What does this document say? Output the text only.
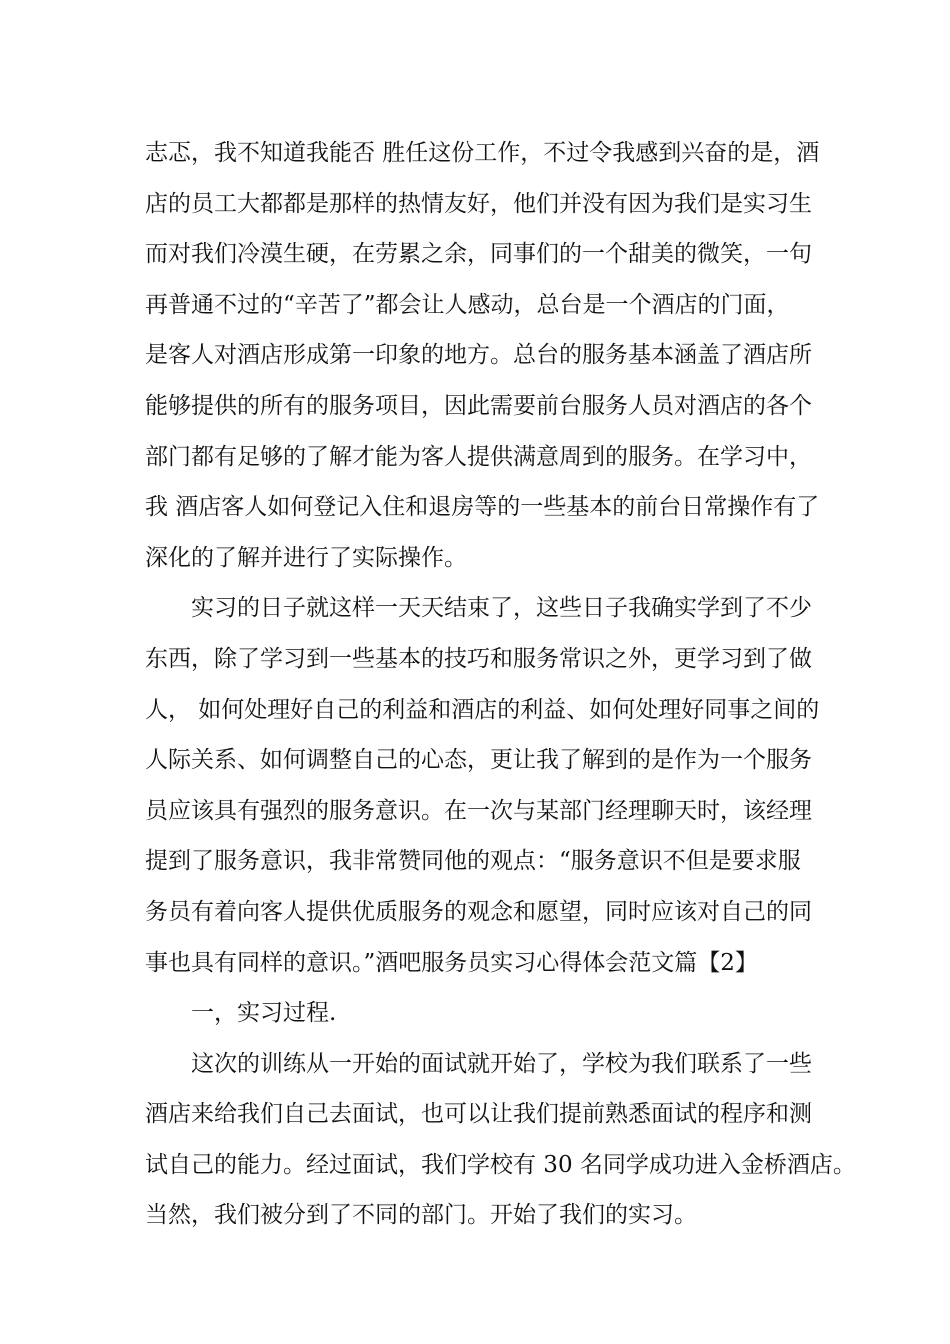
志忑，我不知道我能否 胜任这份工作，不过令我感到兴奋的是，酒
店的员工大都都是那样的热情友好，他们并没有因为我们是实习生
而对我们冷漠生硬，在劳累之余，同事们的一个甜美的微笑，一句
再普通不过的“辛苦了”都会让人感动，总台是一个酒店的门面，
是客人对酒店形成第一印象的地方。总台的服务基本涵盖了酒店所
能够提供的所有的服务项目，因此需要前台服务人员对酒店的各个
部门都有足够的了解才能为客人提供满意周到的服务。在学习中，
我 酒店客人如何登记入住和退房等的一些基本的前台日常操作有了
深化的了解并进行了实际操作。
实习的日子就这样一天天结束了，这些日子我确实学到了不少
东西，除了学习到一些基本的技巧和服务常识之外，更学习到了做
人， 如何处理好自己的利益和酒店的利益、如何处理好同事之间的
人际关系、如何调整自己的心态，更让我了解到的是作为一个服务
员应该具有强烈的服务意识。在一次与某部门经理聊天时，该经理
提到了服务意识，我非常赞同他的观点：“服务意识不但是要求服
务员有着向客人提供优质服务的观念和愿望，同时应该对自己的同
事也具有同样的意识。”酒吧服务员实习心得体会范文篇【2】
一，实习过程.
这次的训练从一开始的面试就开始了，学校为我们联系了一些
酒店来给我们自己去面试，也可以让我们提前熟悉面试的程序和测
试自己的能力。经过面试，我们学校有 30 名同学成功进入金桥酒店。
当然，我们被分到了不同的部门。开始了我们的实习。
